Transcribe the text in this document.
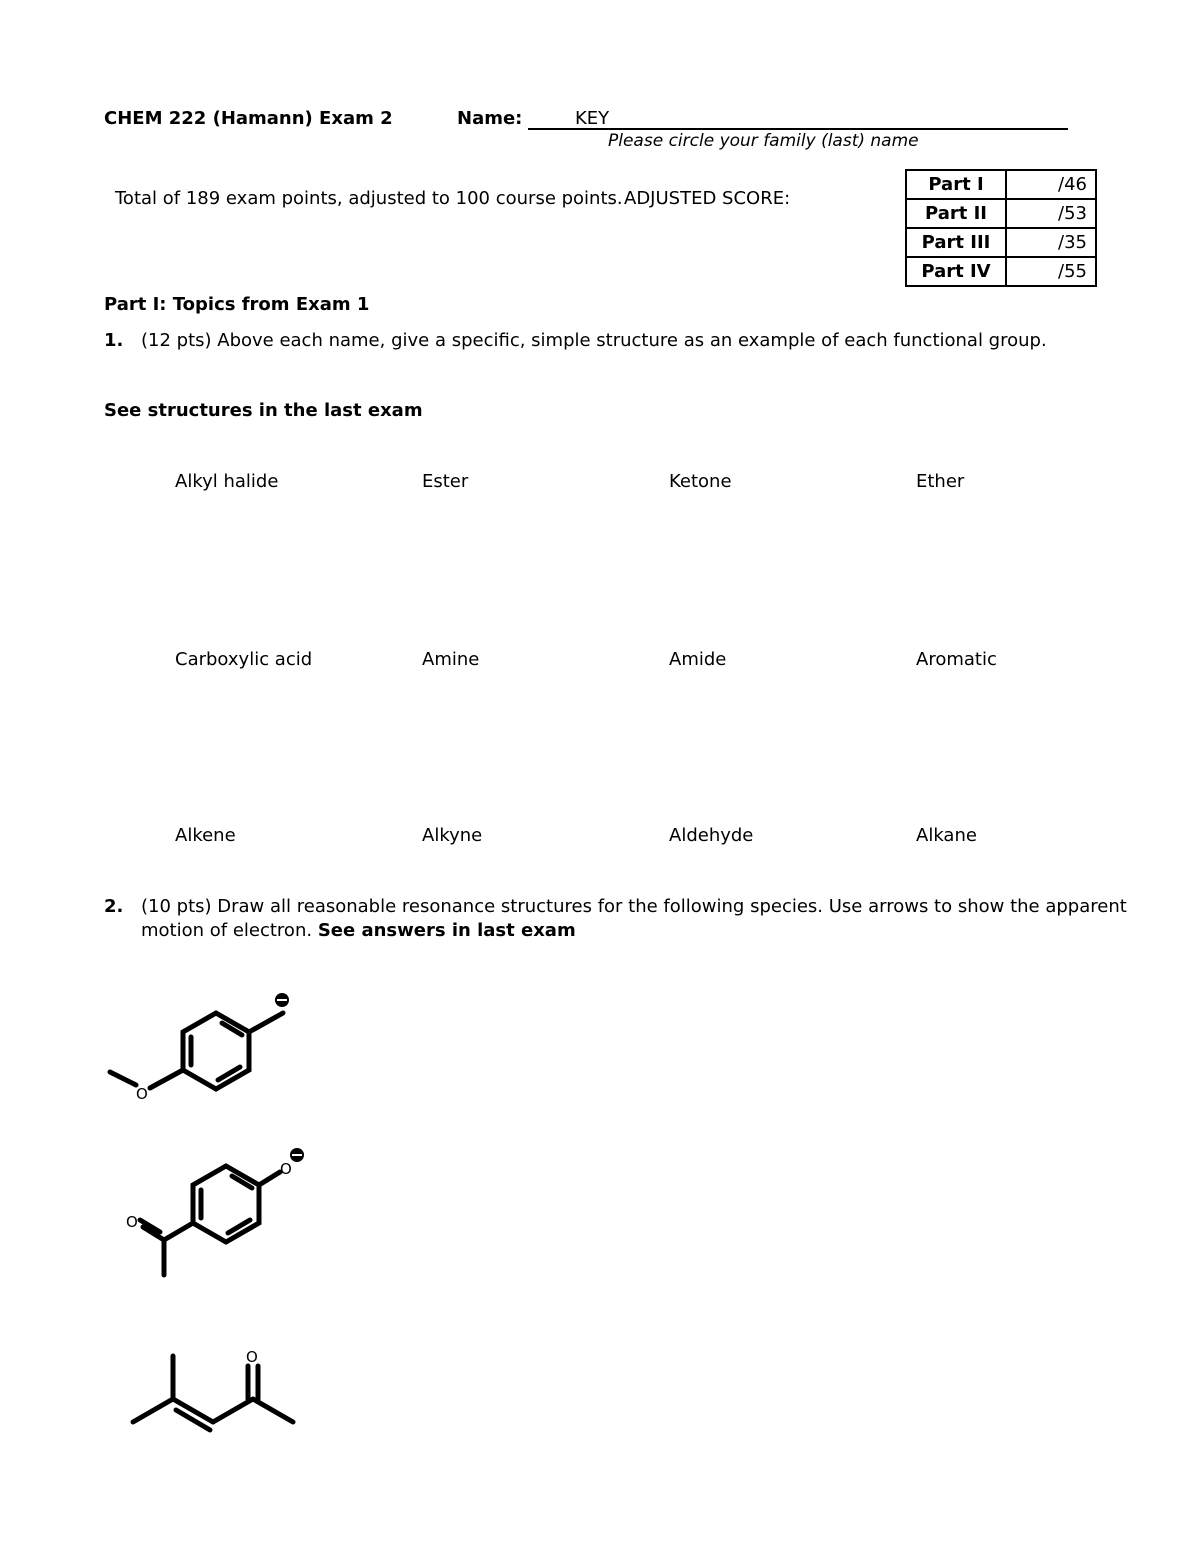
CHEM 222 (Hamann) Exam 2	Name:	KEY
Please circle your family (last) name
Total of 189 exam points, adjusted to 100 course points. ADJUSTED SCORE:
Part I	/46
Part II	/53
Part III	/35
Part IV	/55
Part I: Topics from Exam 1
1. (12 pts) Above each name, give a specific, simple structure as an example of each functional group.
See structures in the last exam
Alkyl halide	Ester	Ketone	Ether
Carboxylic acid	Amine	Amide	Aromatic
Alkene	Alkyne	Aldehyde	Alkane
2. (10 pts) Draw all reasonable resonance structures for the following species. Use arrows to show the apparent
motion of electron. See answers in last exam
O
O
O
O
